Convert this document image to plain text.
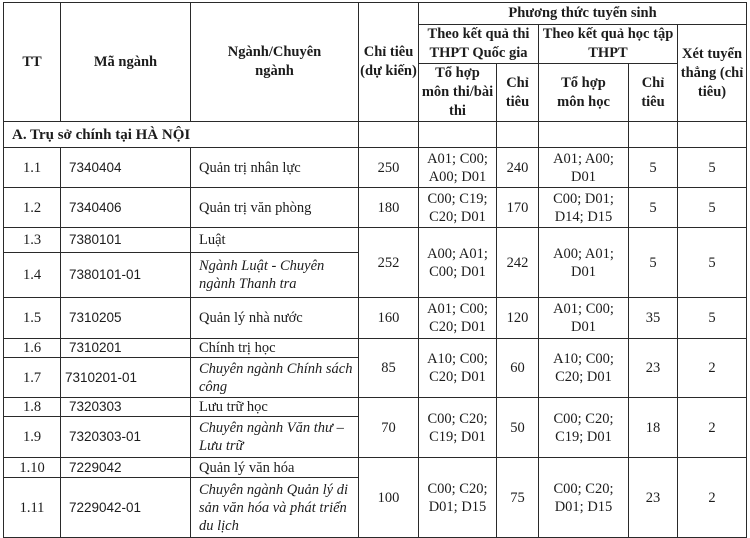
TT	Mã ngành	Ngành/Chuyên ngành	Chỉ tiêu (dự kiến)	Phương thức tuyển sinh				
				Theo kết quả thi THPT Quốc gia		Theo kết quả học tập THPT		Xét tuyển thẳng (chỉ tiêu)
				Tổ hợp môn thi/bài thi	Chỉ tiêu	Tổ hợp môn học	Chỉ tiêu	
A. Trụ sở chính tại HÀ NỘI								
1.1	7340404	Quản trị nhân lực	250	A01; C00; A00; D01	240	A01; A00; D01	5	5
1.2	7340406	Quản trị văn phòng	180	C00; C19; C20; D01	170	C00; D01; D14; D15	5	5
1.3	7380101	Luật	252	A00; A01; C00; D01	242	A00; A01; D01	5	5
1.4	7380101-01	Ngành Luật - Chuyên ngành Thanh tra						
1.5	7310205	Quản lý nhà nước	160	A01; C00; C20; D01	120	A01; C00; D01	35	5
1.6	7310201	Chính trị học	85	A10; C00; C20; D01	60	A10; C00; C20; D01	23	2
1.7	7310201-01	Chuyên ngành Chính sách công						
1.8	7320303	Lưu trữ học	70	C00; C20; C19; D01	50	C00; C20; C19; D01	18	2
1.9	7320303-01	Chuyên ngành Văn thư – Lưu trữ						
1.10	7229042	Quản lý văn hóa	100	C00; C20; D01; D15	75	C00; C20; D01; D15	23	2
1.11	7229042-01	Chuyên ngành Quản lý di sản văn hóa và phát triển du lịch						
